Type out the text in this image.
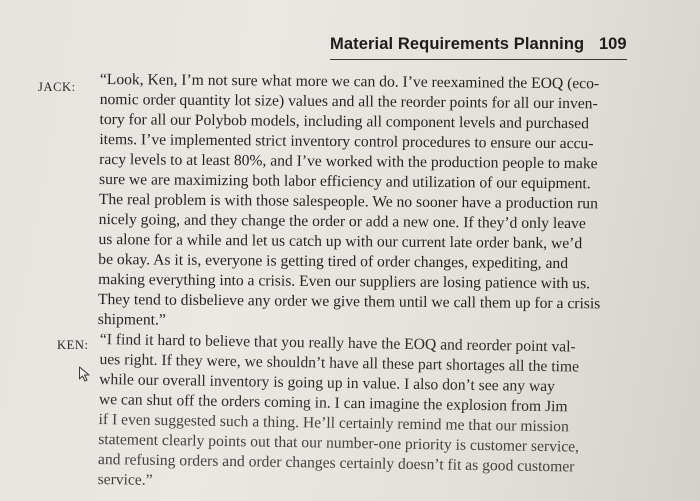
Material Requirements Planning 109
JACK: “Look, Ken, I’m not sure what more we can do. I’ve reexamined the EOQ (eco-
nomic order quantity lot size) values and all the reorder points for all our inven-
tory for all our Polybob models, including all component levels and purchased
items. I’ve implemented strict inventory control procedures to ensure our accu-
racy levels to at least 80%, and I’ve worked with the production people to make
sure we are maximizing both labor efficiency and utilization of our equipment.
The real problem is with those salespeople. We no sooner have a production run
nicely going, and they change the order or add a new one. If they’d only leave
us alone for a while and let us catch up with our current late order bank, we’d
be okay. As it is, everyone is getting tired of order changes, expediting, and
making everything into a crisis. Even our suppliers are losing patience with us.
They tend to disbelieve any order we give them until we call them up for a crisis
shipment.”
KEN: “I find it hard to believe that you really have the EOQ and reorder point val-
ues right. If they were, we shouldn’t have all these part shortages all the time
while our overall inventory is going up in value. I also don’t see any way
we can shut off the orders coming in. I can imagine the explosion from Jim
if I even suggested such a thing. He’ll certainly remind me that our mission
statement clearly points out that our number-one priority is customer service,
and refusing orders and order changes certainly doesn’t fit as good customer
service.”
